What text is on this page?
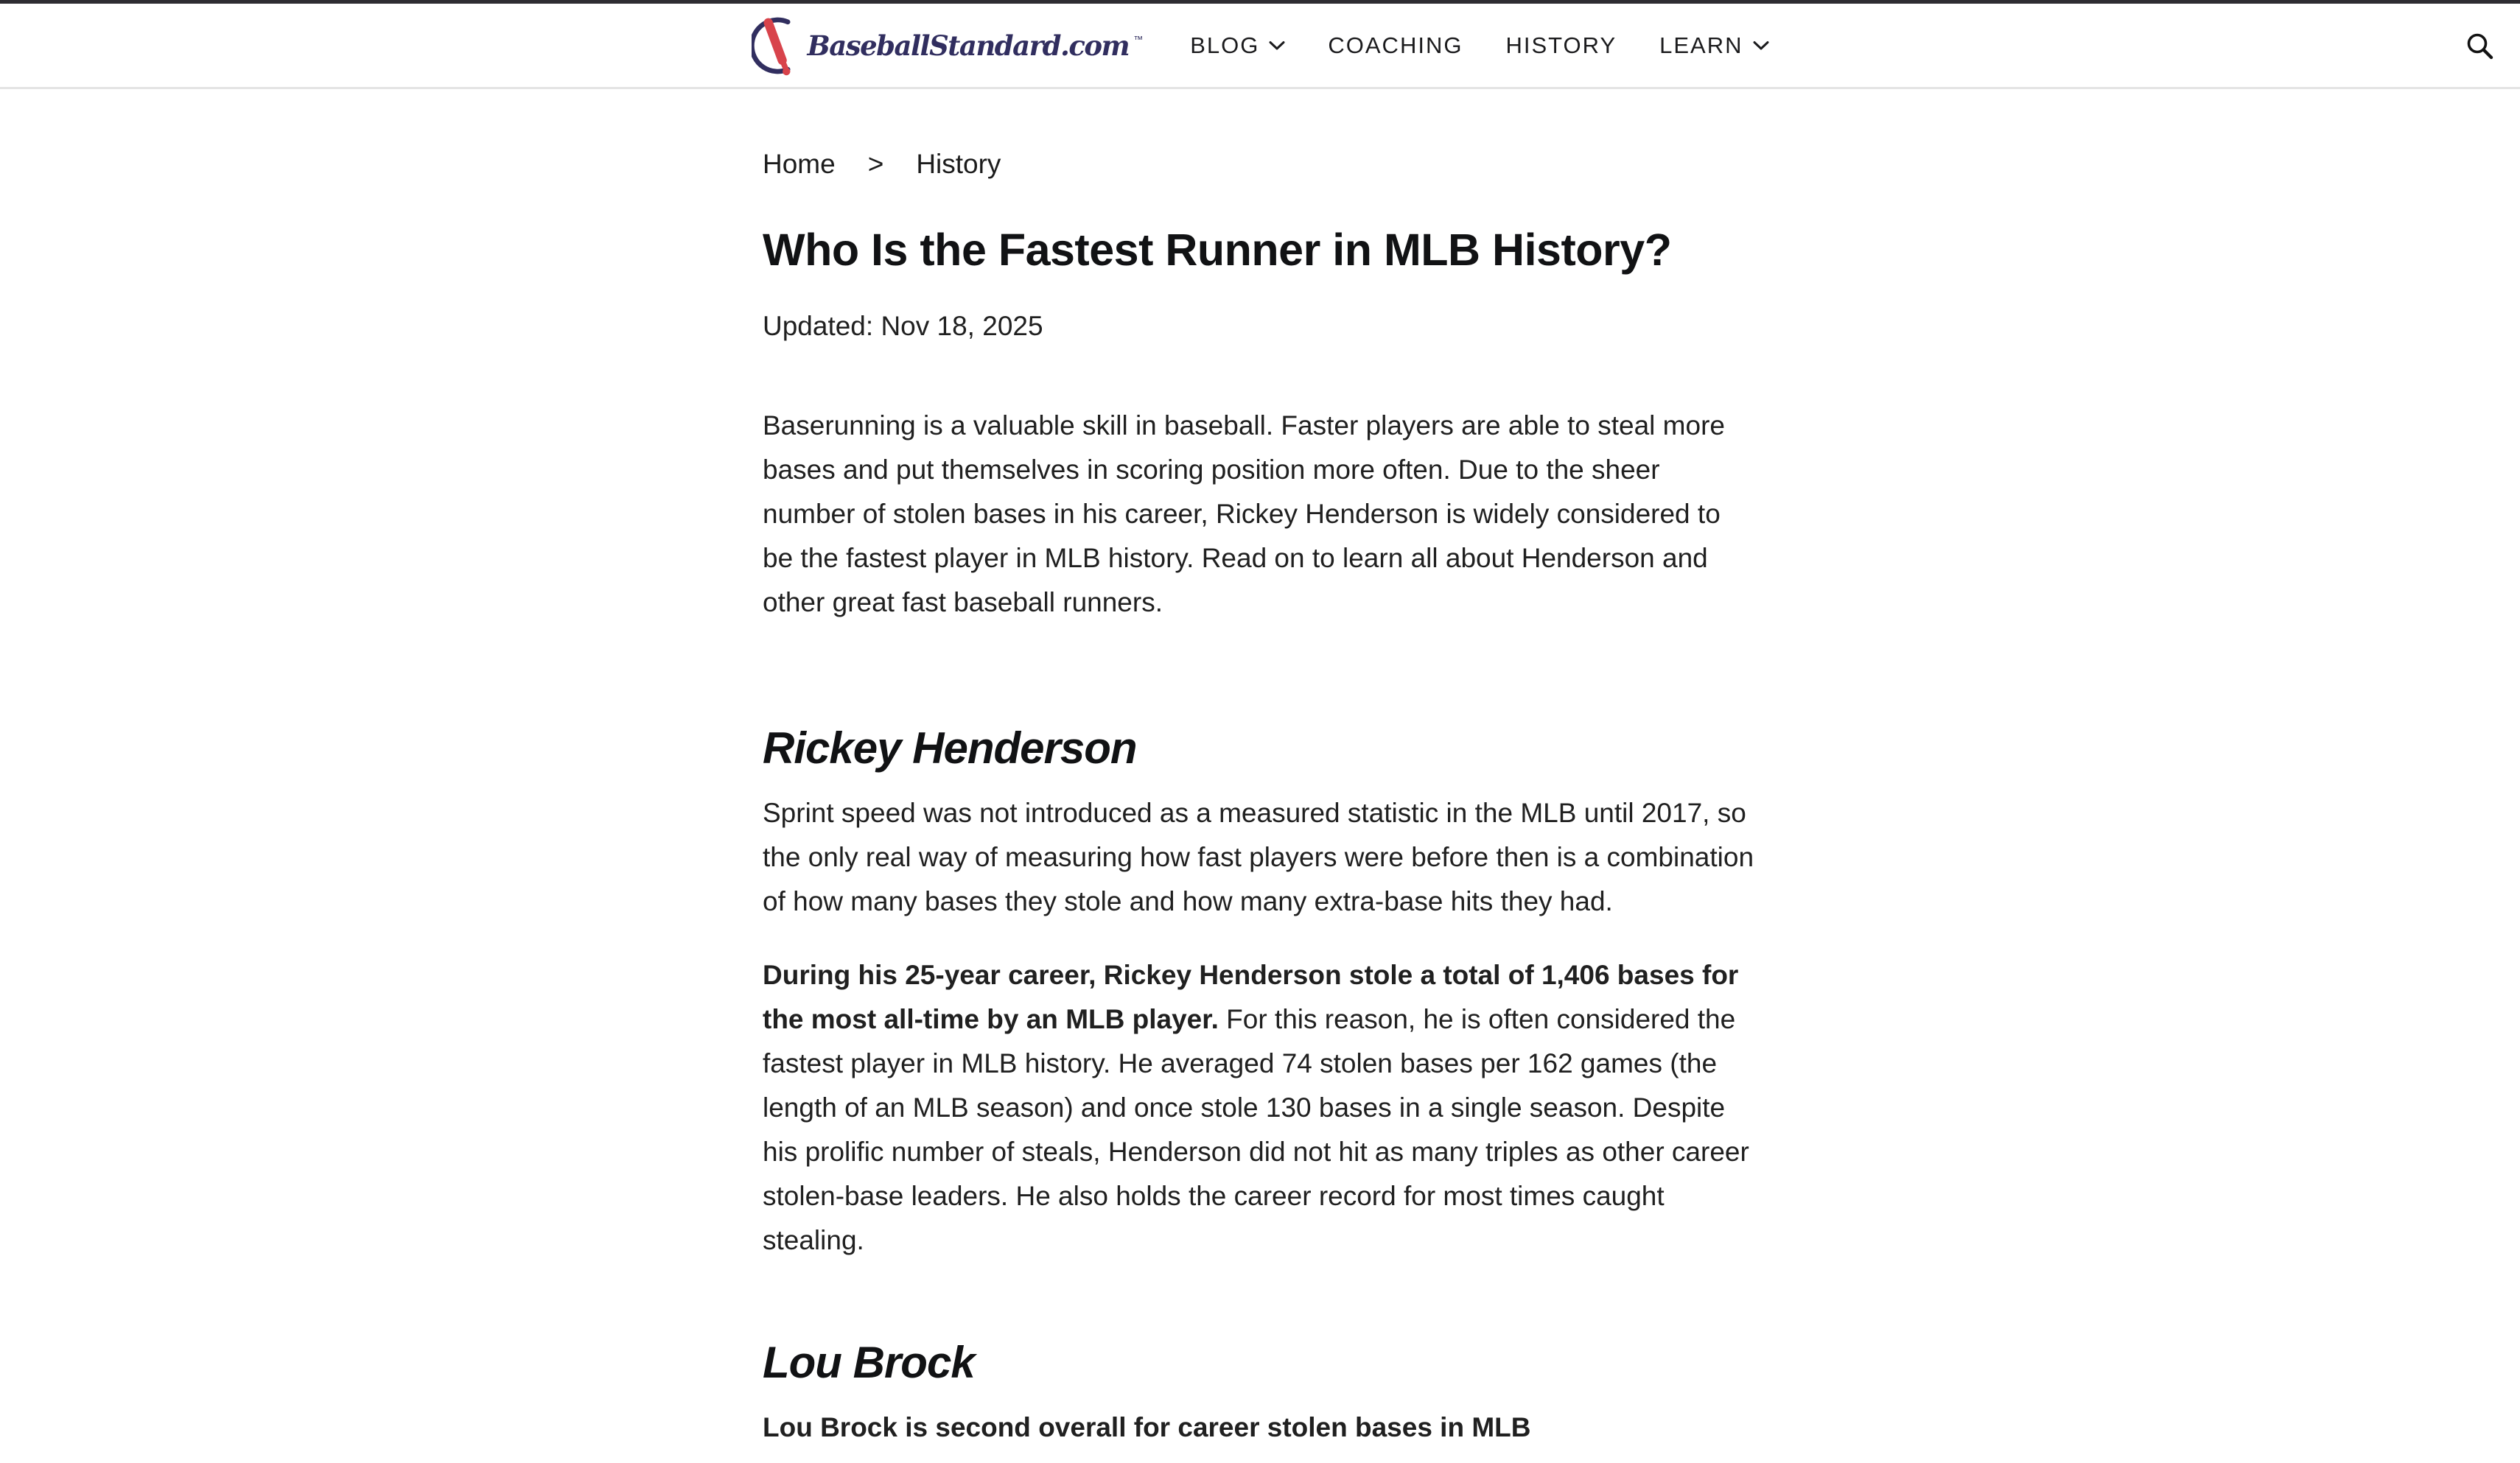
BaseballStandard.com ™ BLOG	COACHING HISTORY LEARN
Home > History
Who Is the Fastest Runner in MLB History?
Updated: Nov 18, 2025

Baserunning is a valuable skill in baseball. Faster players are able to steal more bases and put themselves in scoring position more often. Due to the sheer number of stolen bases in his career, Rickey Henderson is widely considered to be the fastest player in MLB history. Read on to learn all about Henderson and other great fast baseball runners.

Rickey Henderson

Sprint speed was not introduced as a measured statistic in the MLB until 2017, so the only real way of measuring how fast players were before then is a combination of how many bases they stole and how many extra-base hits they had.

During his 25-year career, Rickey Henderson stole a total of 1,406 bases for the most all-time by an MLB player. For this reason, he is often considered the fastest player in MLB history. He averaged 74 stolen bases per 162 games (the length of an MLB season) and once stole 130 bases in a single season. Despite his prolific number of steals, Henderson did not hit as many triples as other career stolen-base leaders. He also holds the career record for most times caught stealing.

Lou Brock

Lou Brock is second overall for career stolen bases in MLB
